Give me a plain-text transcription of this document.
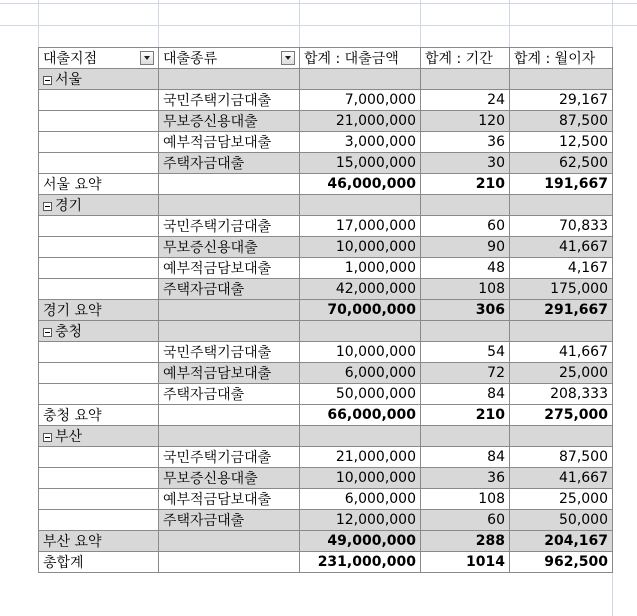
대출지점	대출종류	합계 : 대출금액	합계 : 기간	합계 : 월이자
서울				
	국민주택기금대출	7,000,000	24	29,167
	무보증신용대출	21,000,000	120	87,500
	예부적금담보대출	3,000,000	36	12,500
	주택자금대출	15,000,000	30	62,500
서울 요약		46,000,000	210	191,667
경기				
	국민주택기금대출	17,000,000	60	70,833
	무보증신용대출	10,000,000	90	41,667
	예부적금담보대출	1,000,000	48	4,167
	주택자금대출	42,000,000	108	175,000
경기 요약		70,000,000	306	291,667
충청				
	국민주택기금대출	10,000,000	54	41,667
	예부적금담보대출	6,000,000	72	25,000
	주택자금대출	50,000,000	84	208,333
충청 요약		66,000,000	210	275,000
부산				
	국민주택기금대출	21,000,000	84	87,500
	무보증신용대출	10,000,000	36	41,667
	예부적금담보대출	6,000,000	108	25,000
	주택자금대출	12,000,000	60	50,000
부산 요약		49,000,000	288	204,167
총합계		231,000,000	1014	962,500
